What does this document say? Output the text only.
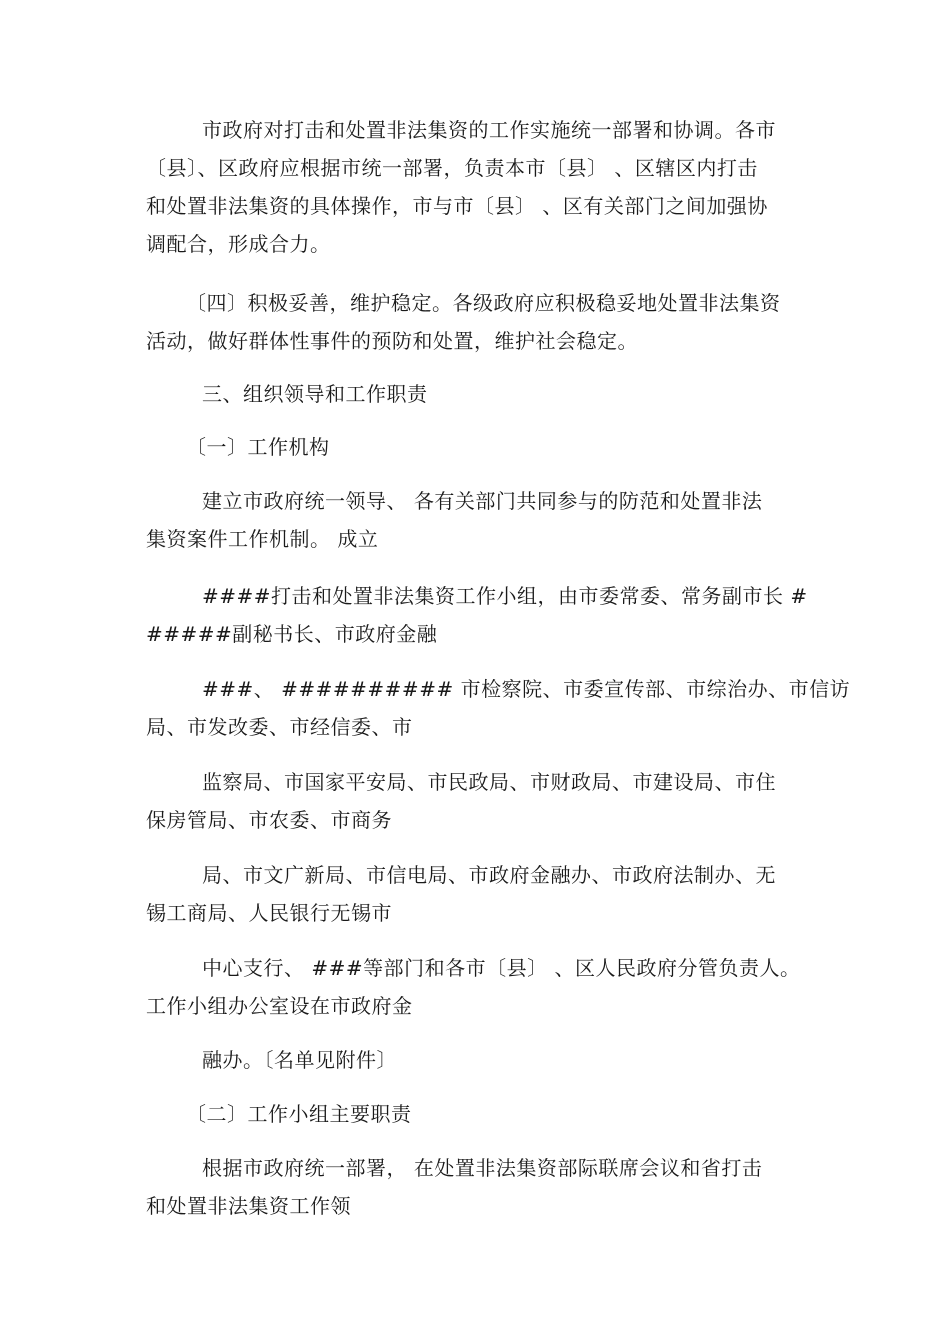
市政府对打击和处置非法集资的工作实施统一部署和协调。各市
〔县〕、区政府应根据市统一部署，负责本市〔县〕 、区辖区内打击
和处置非法集资的具体操作，市与市〔县〕 、区有关部门之间加强协
调配合，形成合力。

〔四〕积极妥善，维护稳定。各级政府应积极稳妥地处置非法集资
活动，做好群体性事件的预防和处置，维护社会稳定。

三、组织领导和工作职责

〔一〕工作机构

建立市政府统一领导、 各有关部门共同参与的防范和处置非法
集资案件工作机制。 成立

####打击和处置非法集资工作小组，由市委常委、常务副市长 #
#####副秘书长、市政府金融

###、 ########## 市检察院、市委宣传部、市综治办、市信访
局、市发改委、市经信委、市

监察局、市国家平安局、市民政局、市财政局、市建设局、市住
保房管局、市农委、市商务

局、市文广新局、市信电局、市政府金融办、市政府法制办、无
锡工商局、人民银行无锡市

中心支行、 ###等部门和各市〔县〕 、区人民政府分管负责人。
工作小组办公室设在市政府金

融办。〔名单见附件〕

〔二〕工作小组主要职责

根据市政府统一部署， 在处置非法集资部际联席会议和省打击
和处置非法集资工作领
